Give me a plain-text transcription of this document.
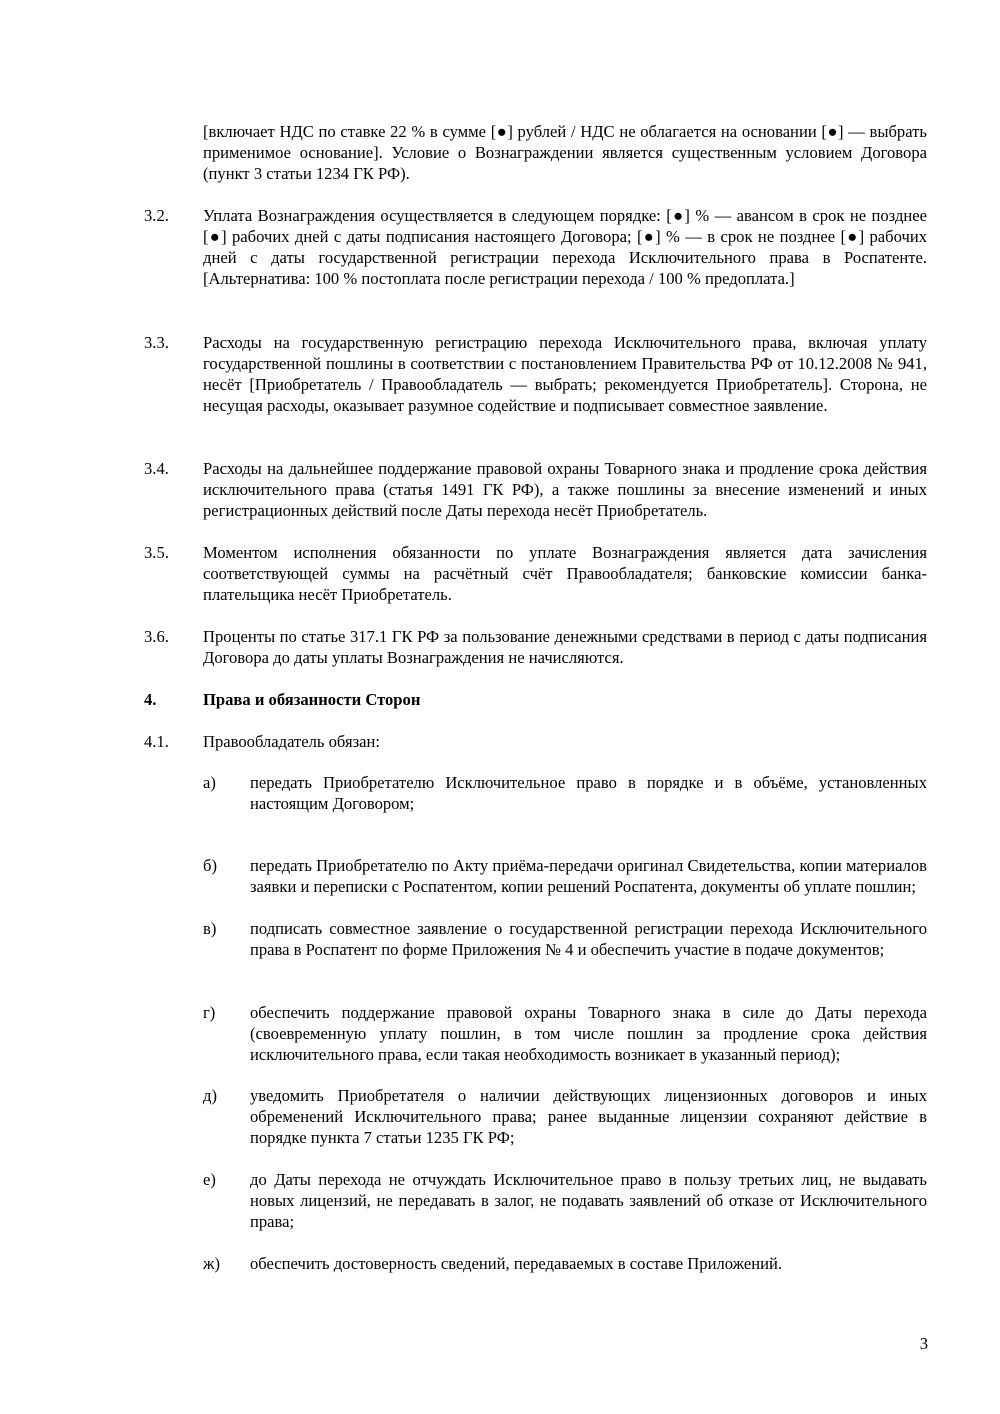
[включает НДС по ставке 22 % в сумме [●] рублей / НДС не облагается на основании [●] — выбрать применимое основание]. Условие о Вознаграждении является существенным условием Договора (пункт 3 статьи 1234 ГК РФ).
3.2.	Уплата Вознаграждения осуществляется в следующем порядке: [●] % — авансом в срок не позднее [●] рабочих дней с даты подписания настоящего Договора; [●] % — в срок не позднее [●] рабочих дней с даты государственной регистрации перехода Исключительного права в Роспатенте. [Альтернатива: 100 % постоплата после регистрации перехода / 100 % предоплата.]
3.3.	Расходы на государственную регистрацию перехода Исключительного права, включая уплату государственной пошлины в соответствии с постановлением Правительства РФ от 10.12.2008 № 941, несёт [Приобретатель / Правообладатель — выбрать; рекомендуется Приобретатель]. Сторона, не несущая расходы, оказывает разумное содействие и подписывает совместное заявление.
3.4.	Расходы на дальнейшее поддержание правовой охраны Товарного знака и продление срока действия исключительного права (статья 1491 ГК РФ), а также пошлины за внесение изменений и иных регистрационных действий после Даты перехода несёт Приобретатель.
3.5.	Моментом исполнения обязанности по уплате Вознаграждения является дата зачисления соответствующей суммы на расчётный счёт Правообладателя; банковские комиссии банка-плательщика несёт Приобретатель.
3.6.	Проценты по статье 317.1 ГК РФ за пользование денежными средствами в период с даты подписания Договора до даты уплаты Вознаграждения не начисляются.
4.	Права и обязанности Сторон
4.1.	Правообладатель обязан:
а)	передать Приобретателю Исключительное право в порядке и в объёме, установленных настоящим Договором;
б)	передать Приобретателю по Акту приёма-передачи оригинал Свидетельства, копии материалов заявки и переписки с Роспатентом, копии решений Роспатента, документы об уплате пошлин;
в)	подписать совместное заявление о государственной регистрации перехода Исключительного права в Роспатент по форме Приложения № 4 и обеспечить участие в подаче документов;
г)	обеспечить поддержание правовой охраны Товарного знака в силе до Даты перехода (своевременную уплату пошлин, в том числе пошлин за продление срока действия исключительного права, если такая необходимость возникает в указанный период);
д)	уведомить Приобретателя о наличии действующих лицензионных договоров и иных обременений Исключительного права; ранее выданные лицензии сохраняют действие в порядке пункта 7 статьи 1235 ГК РФ;
е)	до Даты перехода не отчуждать Исключительное право в пользу третьих лиц, не выдавать новых лицензий, не передавать в залог, не подавать заявлений об отказе от Исключительного права;
ж)	обеспечить достоверность сведений, передаваемых в составе Приложений.
3
